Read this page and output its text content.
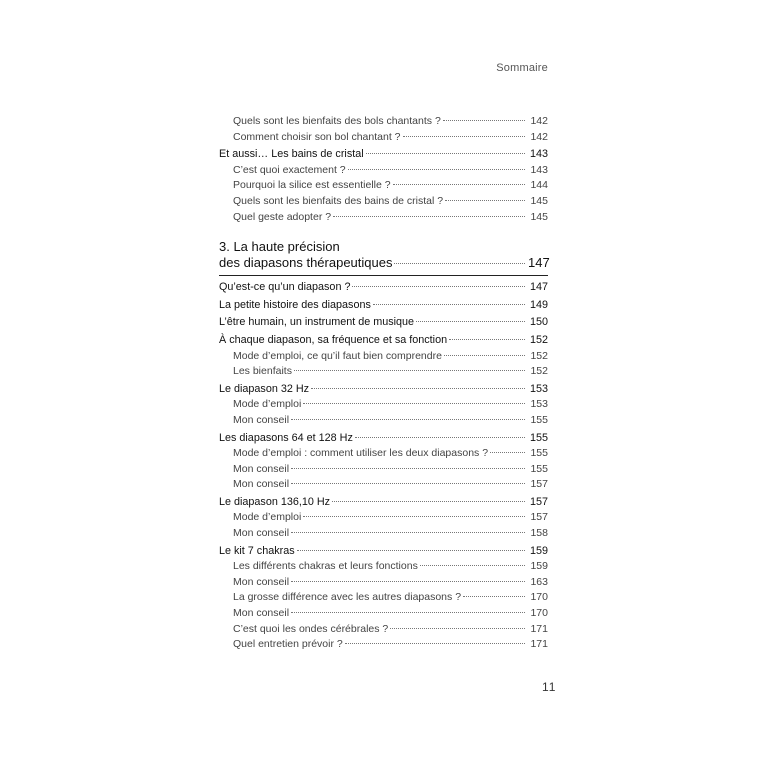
Sommaire
Quels sont les bienfaits des bols chantants ?	142
Comment choisir son bol chantant ?	142
Et aussi… Les bains de cristal	143
C’est quoi exactement ?	143
Pourquoi la silice est essentielle ?	144
Quels sont les bienfaits des bains de cristal ?	145
Quel geste adopter ?	145
3. La haute précision
des diapasons thérapeutiques	147
Qu’est-ce qu’un diapason ?	147
La petite histoire des diapasons	149
L’être humain, un instrument de musique	150
À chaque diapason, sa fréquence et sa fonction	152
Mode d’emploi, ce qu’il faut bien comprendre	152
Les bienfaits	152
Le diapason 32 Hz	153
Mode d’emploi	153
Mon conseil	155
Les diapasons 64 et 128 Hz	155
Mode d’emploi : comment utiliser les deux diapasons ?	155
Mon conseil	155
Mon conseil	157
Le diapason 136,10 Hz	157
Mode d’emploi	157
Mon conseil	158
Le kit 7 chakras	159
Les différents chakras et leurs fonctions	159
Mon conseil	163
La grosse différence avec les autres diapasons ?	170
Mon conseil	170
C’est quoi les ondes cérébrales ?	171
Quel entretien prévoir ?	171
11
